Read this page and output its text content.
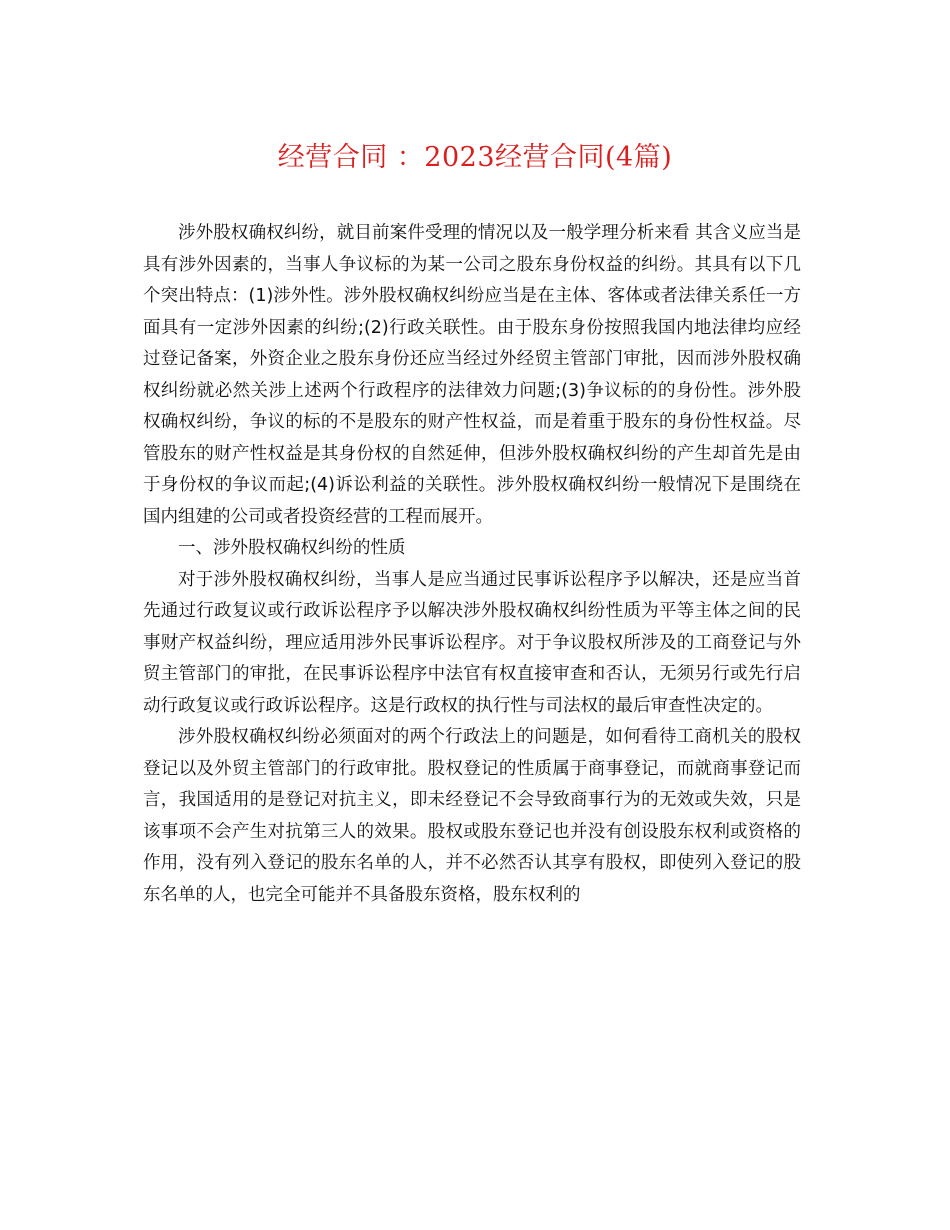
经营合同 ：2023经营合同(4篇)

涉外股权确权纠纷，就目前案件受理的情况以及一般学理分析来看 其含义应当是具有涉外因素的，当事人争议标的为某一公司之股东身份权益的纠纷。其具有以下几个突出特点：(1)涉外性。涉外股权确权纠纷应当是在主体、客体或者法律关系任一方面具有一定涉外因素的纠纷;(2)行政关联性。由于股东身份按照我国内地法律均应经过登记备案，外资企业之股东身份还应当经过外经贸主管部门审批，因而涉外股权确权纠纷就必然关涉上述两个行政程序的法律效力问题;(3)争议标的的身份性。涉外股权确权纠纷，争议的标的不是股东的财产性权益，而是着重于股东的身份性权益。尽管股东的财产性权益是其身份权的自然延伸，但涉外股权确权纠纷的产生却首先是由于身份权的争议而起;(4)诉讼利益的关联性。涉外股权确权纠纷一般情况下是围绕在国内组建的公司或者投资经营的工程而展开。

一、涉外股权确权纠纷的性质

对于涉外股权确权纠纷，当事人是应当通过民事诉讼程序予以解决，还是应当首先通过行政复议或行政诉讼程序予以解决涉外股权确权纠纷性质为平等主体之间的民事财产权益纠纷，理应适用涉外民事诉讼程序。对于争议股权所涉及的工商登记与外贸主管部门的审批，在民事诉讼程序中法官有权直接审查和否认，无须另行或先行启动行政复议或行政诉讼程序。这是行政权的执行性与司法权的最后审查性决定的。

涉外股权确权纠纷必须面对的两个行政法上的问题是，如何看待工商机关的股权登记以及外贸主管部门的行政审批。股权登记的性质属于商事登记，而就商事登记而言，我国适用的是登记对抗主义，即未经登记不会导致商事行为的无效或失效，只是该事项不会产生对抗第三人的效果。股权或股东登记也并没有创设股东权利或资格的作用，没有列入登记的股东名单的人，并不必然否认其享有股权，即使列入登记的股东名单的人，也完全可能并不具备股东资格，股东权利的
